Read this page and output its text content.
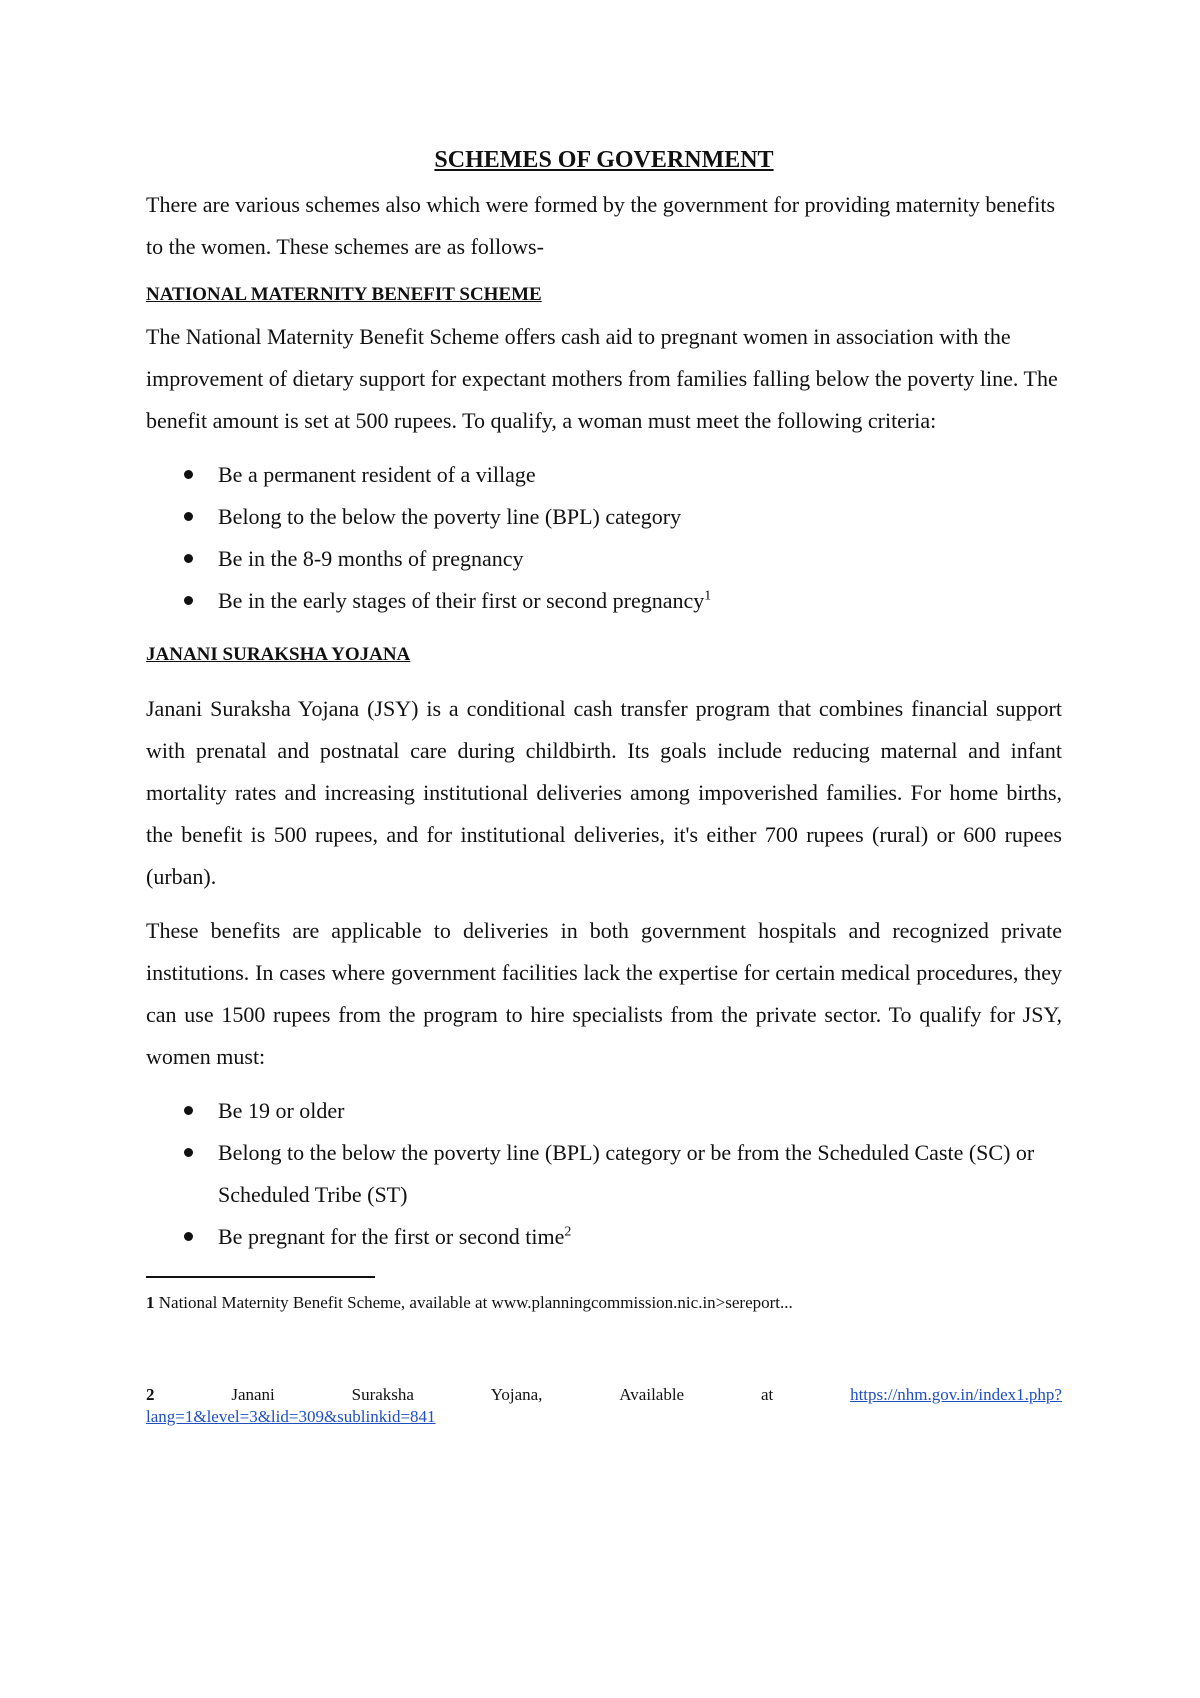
SCHEMES OF GOVERNMENT

There are various schemes also which were formed by the government for providing maternity benefits to the women. These schemes are as follows-

NATIONAL MATERNITY BENEFIT SCHEME

The National Maternity Benefit Scheme offers cash aid to pregnant women in association with the improvement of dietary support for expectant mothers from families falling below the poverty line. The benefit amount is set at 500 rupees. To qualify, a woman must meet the following criteria:

Be a permanent resident of a village
Belong to the below the poverty line (BPL) category
Be in the 8-9 months of pregnancy
Be in the early stages of their first or second pregnancy$^1$
JANANI SURAKSHA YOJANA

Janani Suraksha Yojana (JSY) is a conditional cash transfer program that combines financial support with prenatal and postnatal care during childbirth. Its goals include reducing maternal and infant mortality rates and increasing institutional deliveries among impoverished families. For home births, the benefit is 500 rupees, and for institutional deliveries, it's either 700 rupees (rural) or 600 rupees (urban).

These benefits are applicable to deliveries in both government hospitals and recognized private institutions. In cases where government facilities lack the expertise for certain medical procedures, they can use 1500 rupees from the program to hire specialists from the private sector. To qualify for JSY, women must:

Be 19 or older
Belong to the below the poverty line (BPL) category or be from the Scheduled Caste (SC) or Scheduled Tribe (ST)
Be pregnant for the first or second time$^2$

1 National Maternity Benefit Scheme, available at www.planningcommission.nic.in>sereport...

2	Janani	Suraksha	Yojana,	Available	at	https://nhm.gov.in/index1.php?
lang=1&level=3&lid=309&sublinkid=841
